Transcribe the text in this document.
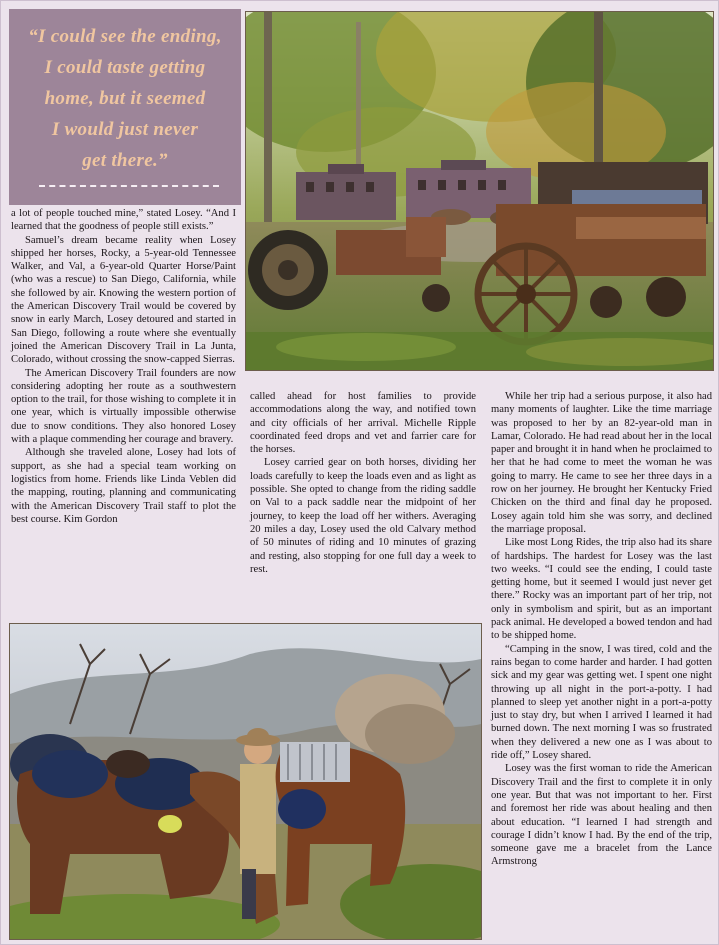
“I could see the ending,
I could taste getting
home, but it seemed
I would just never
get there.”

a lot of people touched mine,” stated Losey. “And I learned that the goodness of people still exists.”

Samuel’s dream became reality when Losey shipped her horses, Rocky, a 5-year-old Tennessee Walker, and Val, a 6-year-old Quarter Horse/Paint (who was a rescue) to San Diego, California, while she followed by air. Knowing the western portion of the American Discovery Trail would be covered by snow in early March, Losey detoured and started in San Diego, following a route where she eventually joined the American Discovery Trail in La Junta, Colorado, without crossing the snow-capped Sierras.

The American Discovery Trail founders are now considering adopting her route as a southwestern option to the trail, for those wishing to complete it in one year, which is virtually impossible otherwise due to snow conditions. They also honored Losey with a plaque commending her courage and bravery.

Although she traveled alone, Losey had lots of support, as she had a special team working on logistics from home. Friends like Linda Veblen did the mapping, routing, planning and communicating with the American Discovery Trail staff to plot the best course. Kim Gordon

called ahead for host families to provide accommodations along the way, and notified town and city officials of her arrival. Michelle Ripple coordinated feed drops and vet and farrier care for the horses.

Losey carried gear on both horses, dividing her loads carefully to keep the loads even and as light as possible. She opted to change from the riding saddle on Val to a pack saddle near the midpoint of her journey, to keep the load off her withers. Averaging 20 miles a day, Losey used the old Calvary method of 50 minutes of riding and 10 minutes of grazing and resting, also stopping for one full day a week to rest.

While her trip had a serious purpose, it also had many moments of laughter. Like the time marriage was proposed to her by an 82-year-old man in Lamar, Colorado. He had read about her in the local paper and brought it in hand when he proclaimed to her that he had come to meet the woman he was going to marry. He came to see her three days in a row on her journey. He brought her Kentucky Fried Chicken on the third and final day he proposed. Losey again told him she was sorry, and declined the marriage proposal.

Like most Long Rides, the trip also had its share of hardships. The hardest for Losey was the last two weeks. “I could see the ending, I could taste getting home, but it seemed I would just never get there.” Rocky was an important part of her trip, not only in symbolism and spirit, but as an important pack animal. He developed a bowed tendon and had to be shipped home.

“Camping in the snow, I was tired, cold and the rains began to come harder and harder. I had gotten sick and my gear was getting wet. I spent one night throwing up all night in the port-a-potty. I had planned to sleep yet another night in a port-a-potty just to stay dry, but when I arrived I learned it had burned down. The next morning I was so frustrated when they delivered a new one as I was about to ride off,” Losey shared.

Losey was the first woman to ride the American Discovery Trail and the first to complete it in only one year. But that was not important to her. First and foremost her ride was about healing and then about education. “I learned I had strength and courage I didn’t know I had. By the end of the trip, someone gave me a bracelet from the Lance Armstrong
